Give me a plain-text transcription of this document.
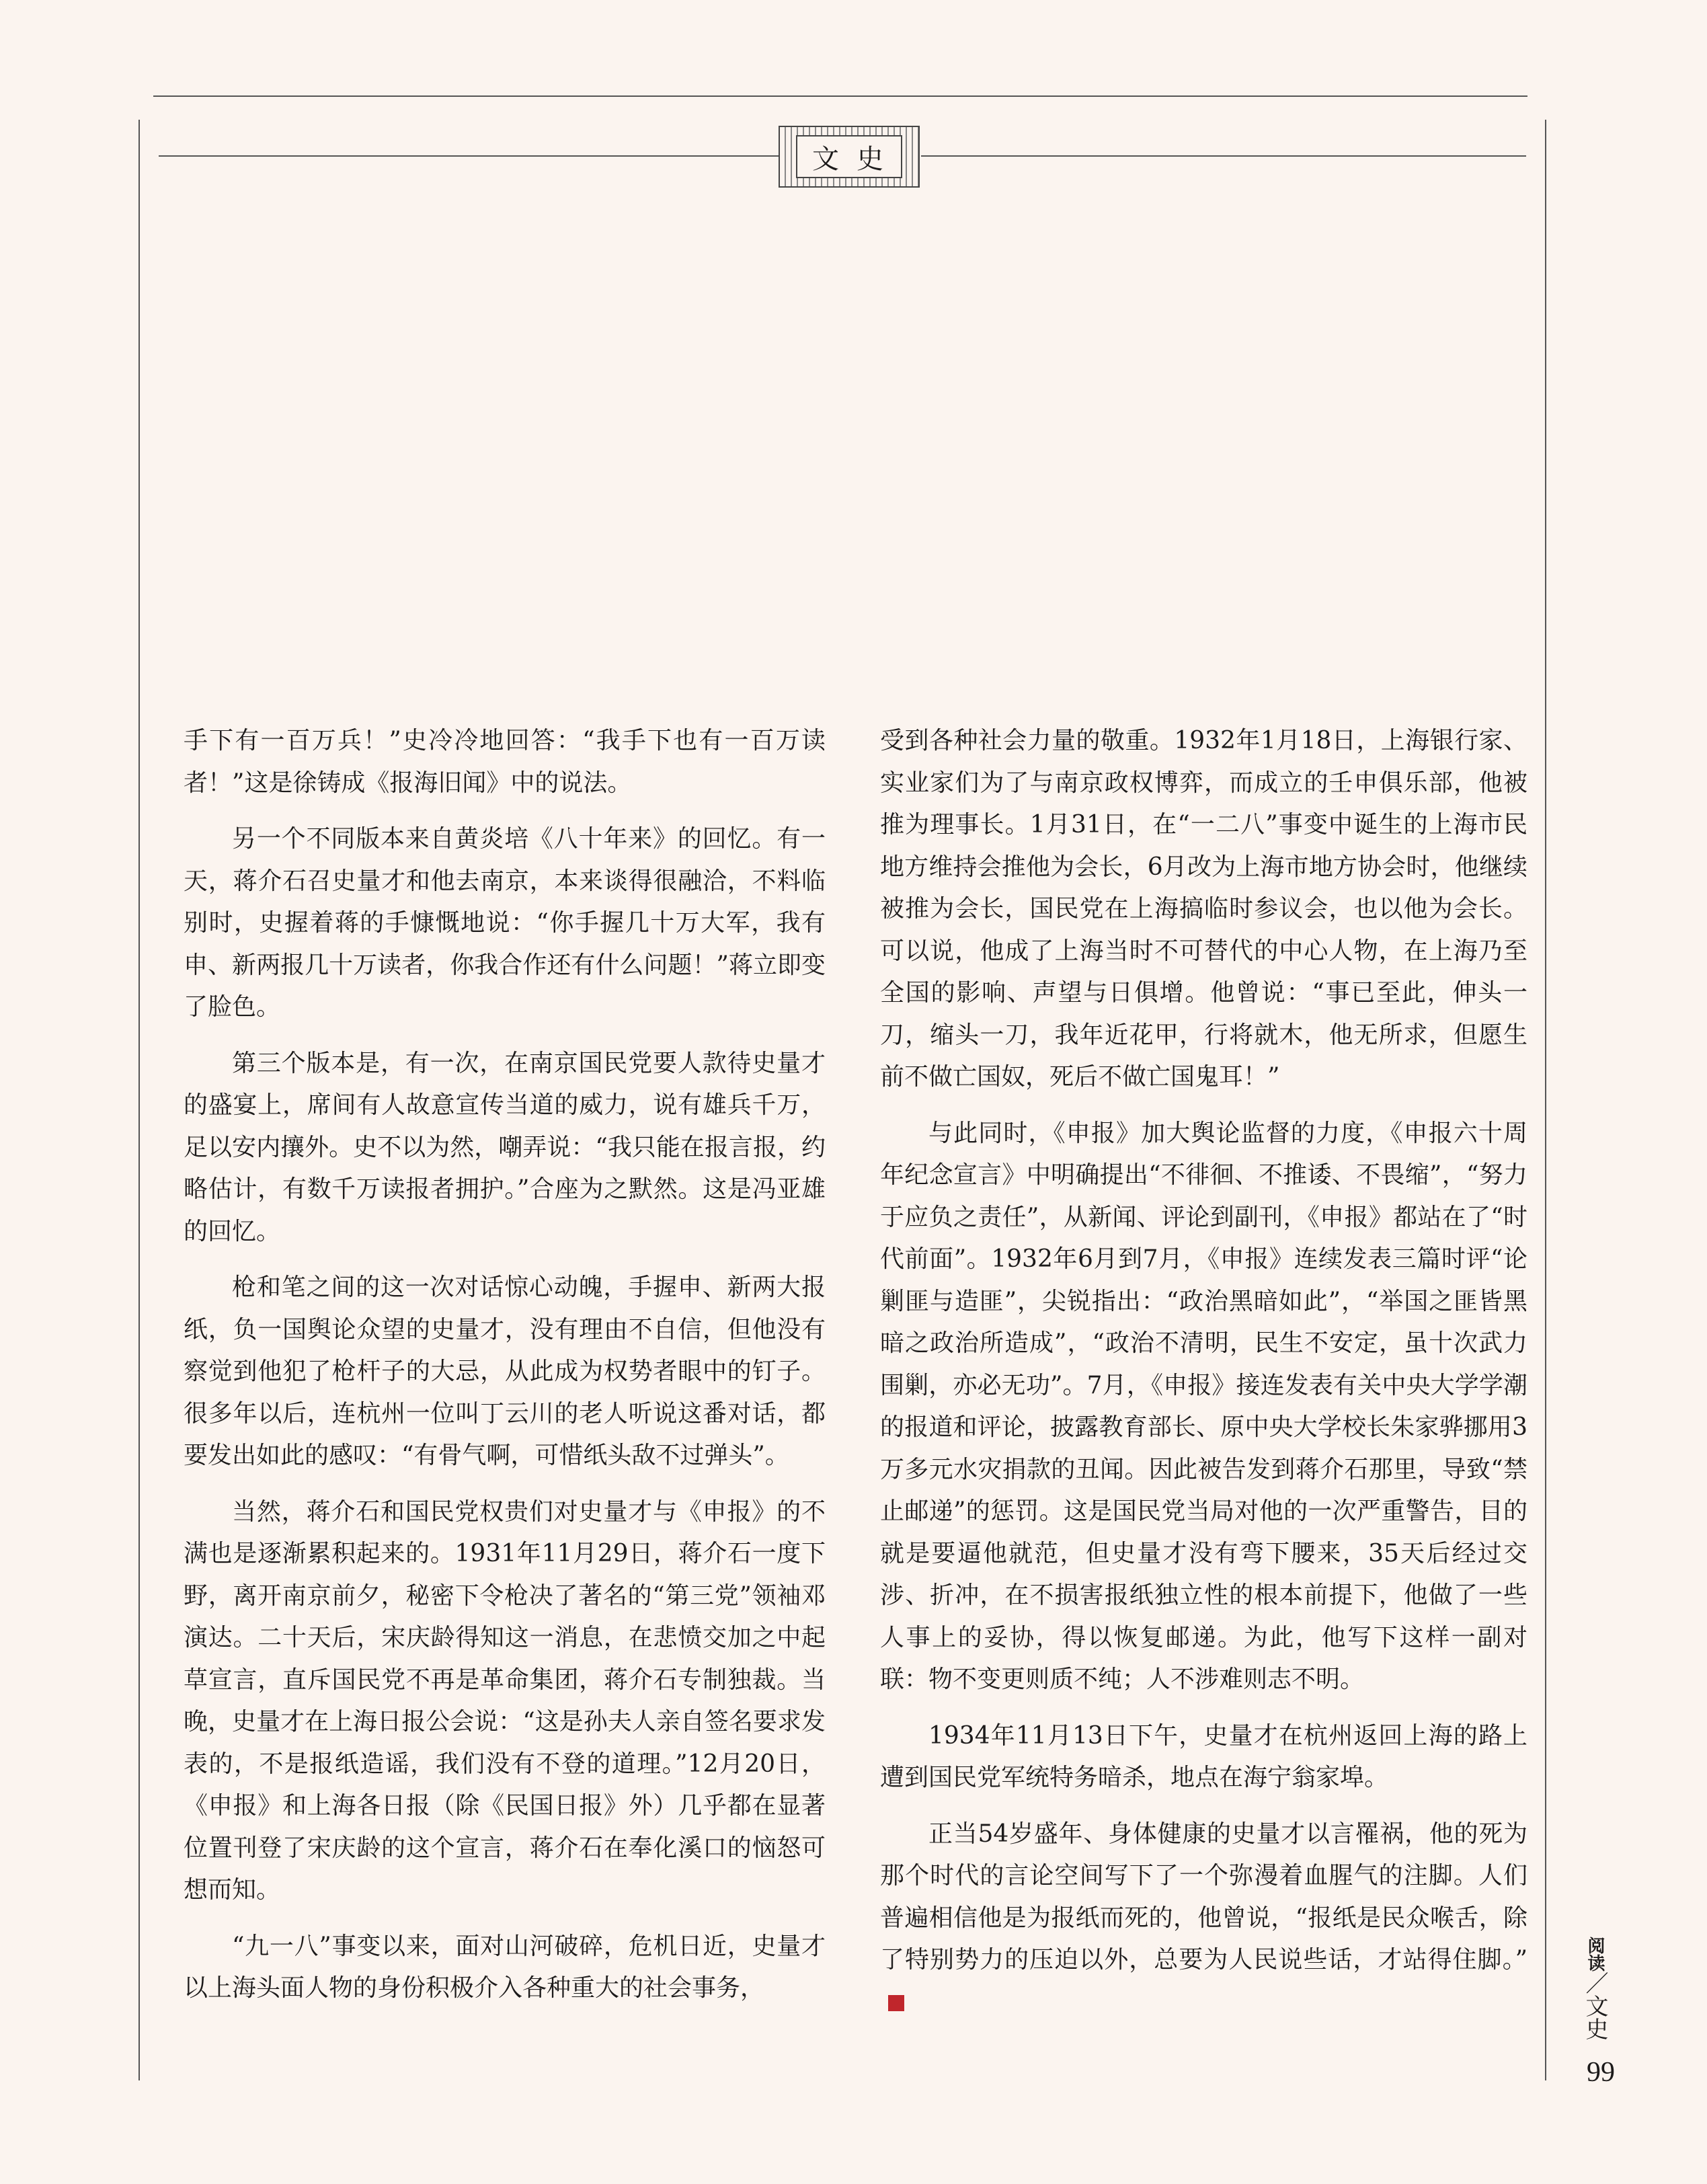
文史

手下有一百万兵！”史冷冷地回答：“我手下也有一百万读者！”这是徐铸成《报海旧闻》中的说法。

另一个不同版本来自黄炎培《八十年来》的回忆。有一天，蒋介石召史量才和他去南京，本来谈得很融洽，不料临别时，史握着蒋的手慷慨地说：“你手握几十万大军，我有申、新两报几十万读者，你我合作还有什么问题！”蒋立即变了脸色。

第三个版本是，有一次，在南京国民党要人款待史量才的盛宴上，席间有人故意宣传当道的威力，说有雄兵千万，足以安内攘外。史不以为然，嘲弄说：“我只能在报言报，约略估计，有数千万读报者拥护。”合座为之默然。这是冯亚雄的回忆。

枪和笔之间的这一次对话惊心动魄，手握申、新两大报纸，负一国舆论众望的史量才，没有理由不自信，但他没有察觉到他犯了枪杆子的大忌，从此成为权势者眼中的钉子。很多年以后，连杭州一位叫丁云川的老人听说这番对话，都要发出如此的感叹：“有骨气啊，可惜纸头敌不过弹头”。

当然，蒋介石和国民党权贵们对史量才与《申报》的不满也是逐渐累积起来的。1931年11月29日，蒋介石一度下野，离开南京前夕，秘密下令枪决了著名的“第三党”领袖邓演达。二十天后，宋庆龄得知这一消息，在悲愤交加之中起草宣言，直斥国民党不再是革命集团，蒋介石专制独裁。当晚，史量才在上海日报公会说：“这是孙夫人亲自签名要求发表的，不是报纸造谣，我们没有不登的道理。”12月20日，《申报》和上海各日报（除《民国日报》外）几乎都在显著位置刊登了宋庆龄的这个宣言，蒋介石在奉化溪口的恼怒可想而知。

“九一八”事变以来，面对山河破碎，危机日近，史量才以上海头面人物的身份积极介入各种重大的社会事务，

受到各种社会力量的敬重。1932年1月18日，上海银行家、实业家们为了与南京政权博弈，而成立的壬申俱乐部，他被推为理事长。1月31日，在“一二八”事变中诞生的上海市民地方维持会推他为会长，6月改为上海市地方协会时，他继续被推为会长，国民党在上海搞临时参议会，也以他为会长。可以说，他成了上海当时不可替代的中心人物，在上海乃至全国的影响、声望与日俱增。他曾说：“事已至此，伸头一刀，缩头一刀，我年近花甲，行将就木，他无所求，但愿生前不做亡国奴，死后不做亡国鬼耳！”

与此同时，《申报》加大舆论监督的力度，《申报六十周年纪念宣言》中明确提出“不徘徊、不推诿、不畏缩”，“努力于应负之责任”，从新闻、评论到副刊，《申报》都站在了“时代前面”。1932年6月到7月，《申报》连续发表三篇时评“论剿匪与造匪”，尖锐指出：“政治黑暗如此”，“举国之匪皆黑暗之政治所造成”，“政治不清明，民生不安定，虽十次武力围剿，亦必无功”。7月，《申报》接连发表有关中央大学学潮的报道和评论，披露教育部长、原中央大学校长朱家骅挪用3万多元水灾捐款的丑闻。因此被告发到蒋介石那里，导致“禁止邮递”的惩罚。这是国民党当局对他的一次严重警告，目的就是要逼他就范，但史量才没有弯下腰来，35天后经过交涉、折冲，在不损害报纸独立性的根本前提下，他做了一些人事上的妥协，得以恢复邮递。为此，他写下这样一副对联：物不变更则质不纯；人不涉难则志不明。

1934年11月13日下午，史量才在杭州返回上海的路上遭到国民党军统特务暗杀，地点在海宁翁家埠。

正当54岁盛年、身体健康的史量才以言罹祸，他的死为那个时代的言论空间写下了一个弥漫着血腥气的注脚。人们普遍相信他是为报纸而死的，他曾说，“报纸是民众喉舌，除了特别势力的压迫以外，总要为人民说些话，才站得住脚。”	阅读／文史
99
